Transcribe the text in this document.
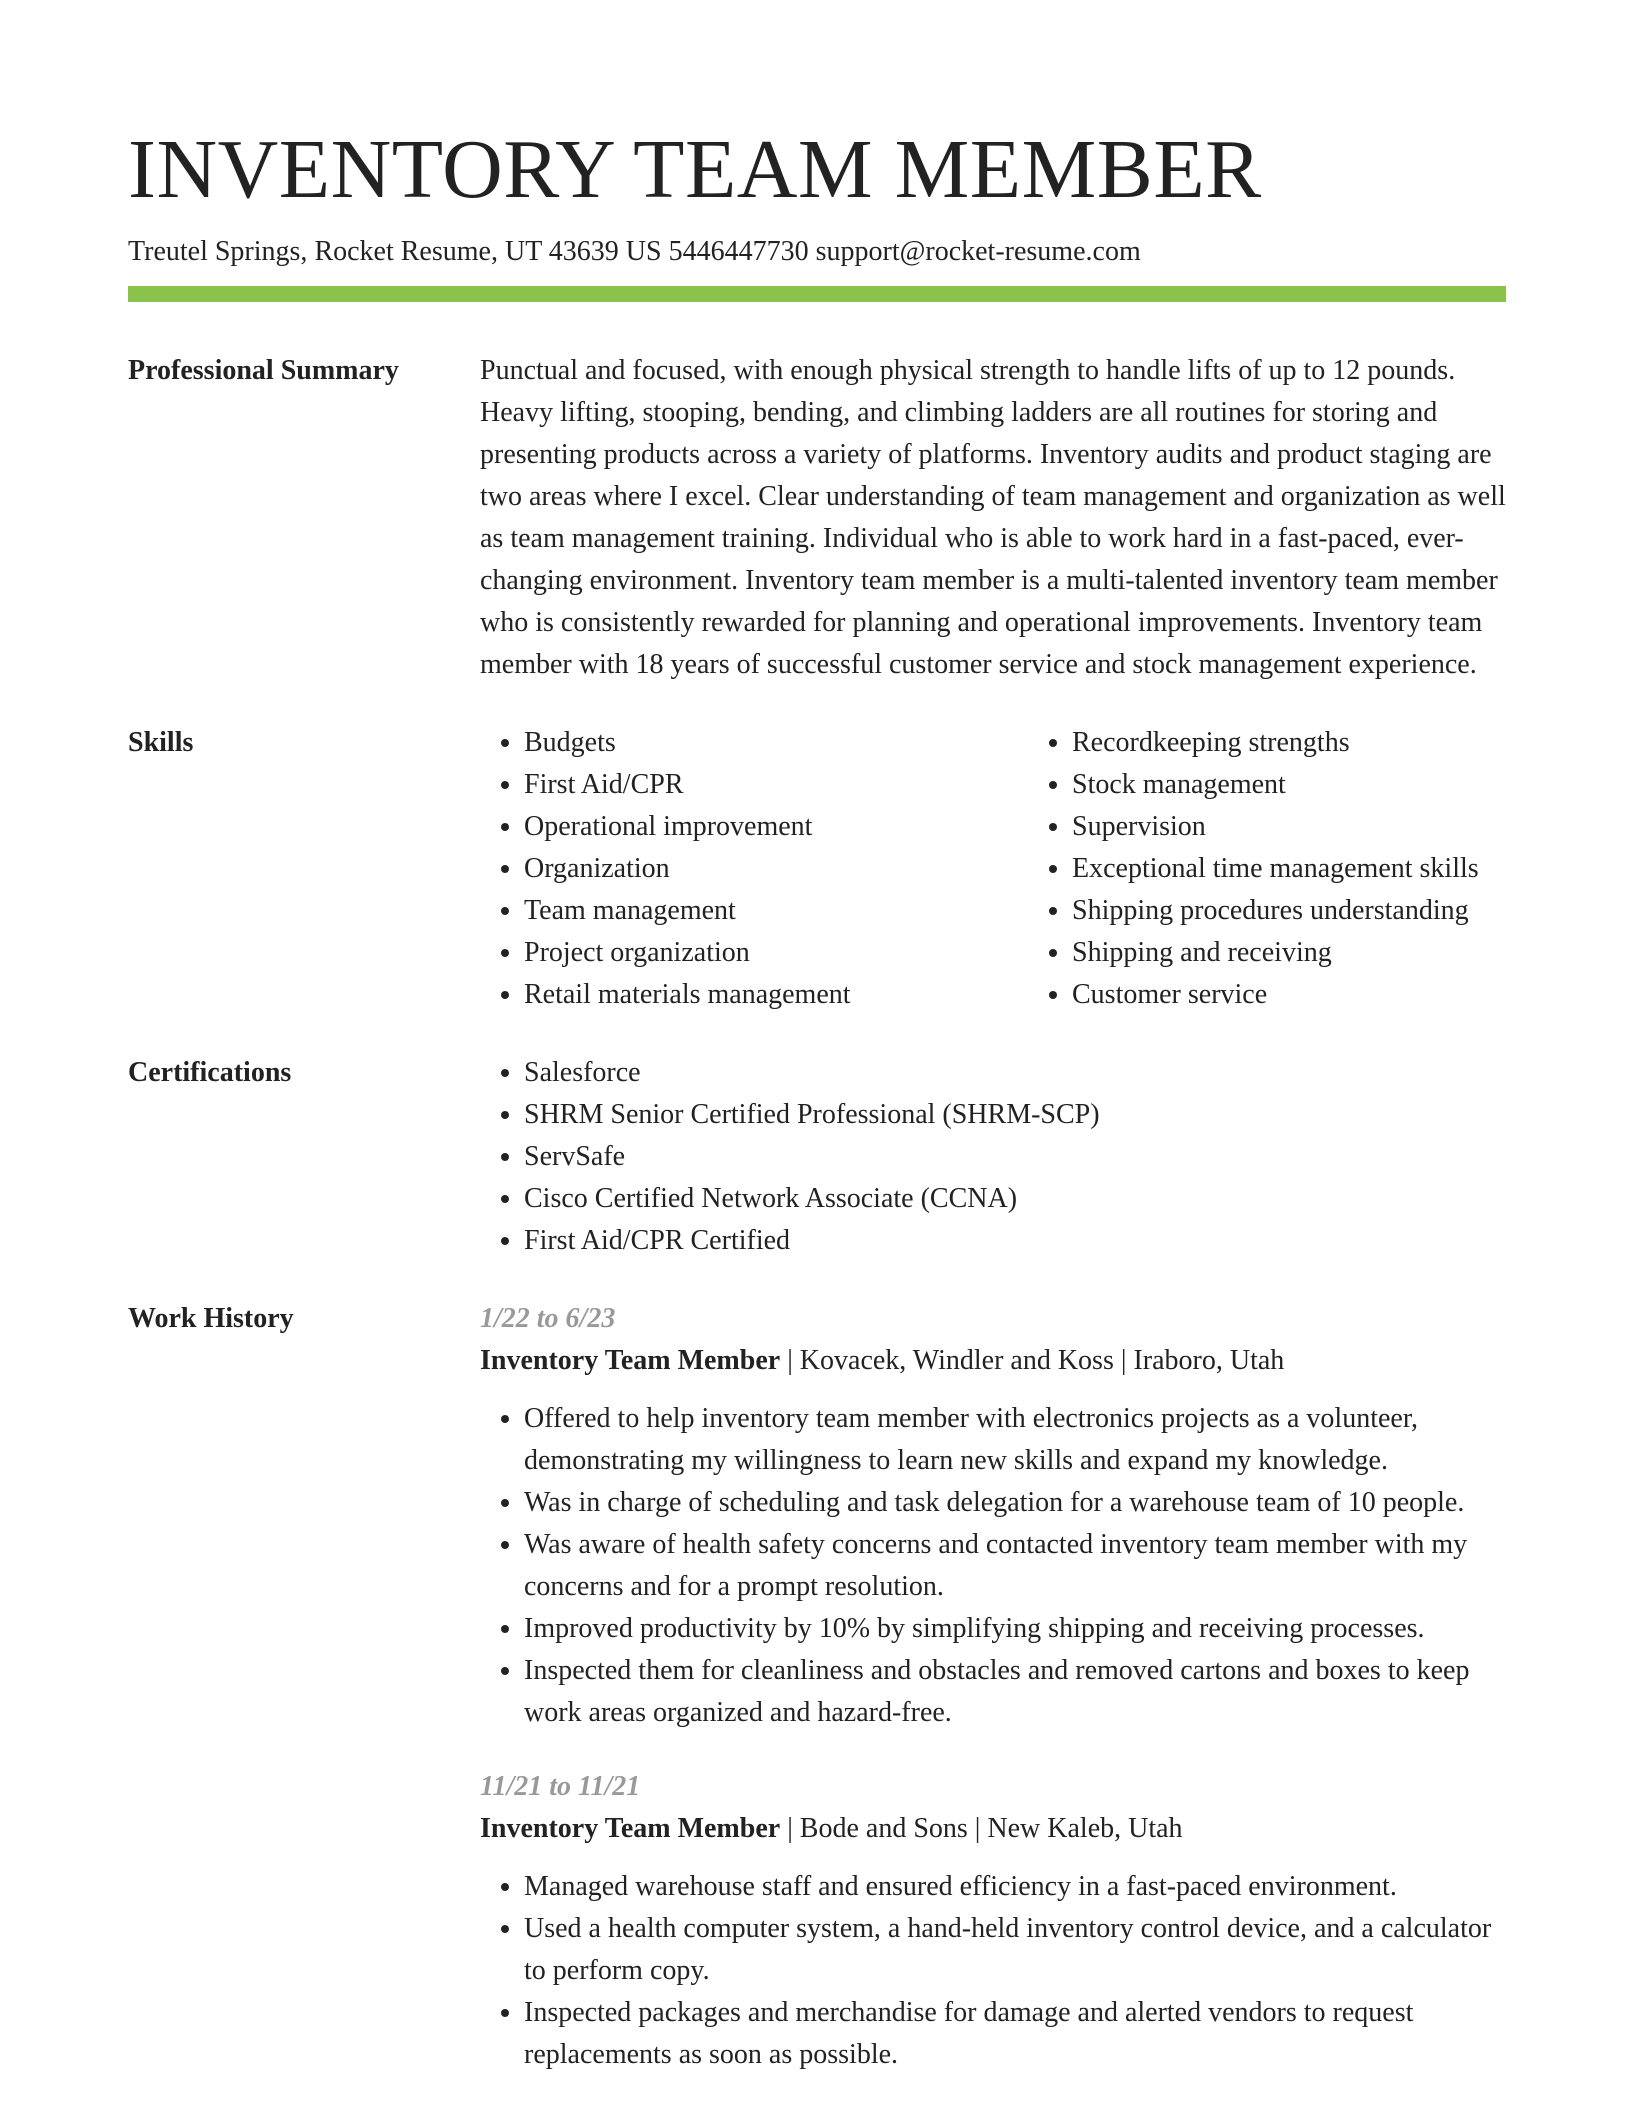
INVENTORY TEAM MEMBER
Treutel Springs, Rocket Resume, UT 43639 US 5446447730 support@rocket-resume.com
Professional Summary	Punctual and focused, with enough physical strength to handle lifts of up to 12 pounds. Heavy lifting, stooping, bending, and climbing ladders are all routines for storing and presenting products across a variety of platforms. Inventory audits and product staging are two areas where I excel. Clear understanding of team management and organization as well as team management training. Individual who is able to work hard in a fast-paced, ever-changing environment. Inventory team member is a multi-talented inventory team member who is consistently rewarded for planning and operational improvements. Inventory team member with 18 years of successful customer service and stock management experience.

Skills	• Budgets
• First Aid/CPR
• Operational improvement
• Organization
• Team management
• Project organization
• Retail materials management
• Recordkeeping strengths
• Stock management
• Supervision
• Exceptional time management skills
• Shipping procedures understanding
• Shipping and receiving
• Customer service
Certifications	• Salesforce
• SHRM Senior Certified Professional (SHRM-SCP)
• ServSafe
• Cisco Certified Network Associate (CCNA)
• First Aid/CPR Certified
Work History	1/22 to 6/23
Inventory Team Member | Kovacek, Windler and Koss | Iraboro, Utah
• Offered to help inventory team member with electronics projects as a volunteer, demonstrating my willingness to learn new skills and expand my knowledge.
• Was in charge of scheduling and task delegation for a warehouse team of 10 people.
• Was aware of health safety concerns and contacted inventory team member with my concerns and for a prompt resolution.
• Improved productivity by 10% by simplifying shipping and receiving processes.
• Inspected them for cleanliness and obstacles and removed cartons and boxes to keep work areas organized and hazard-free.
11/21 to 11/21
Inventory Team Member | Bode and Sons | New Kaleb, Utah
• Managed warehouse staff and ensured efficiency in a fast-paced environment.
• Used a health computer system, a hand-held inventory control device, and a calculator to perform copy.
• Inspected packages and merchandise for damage and alerted vendors to request replacements as soon as possible.
